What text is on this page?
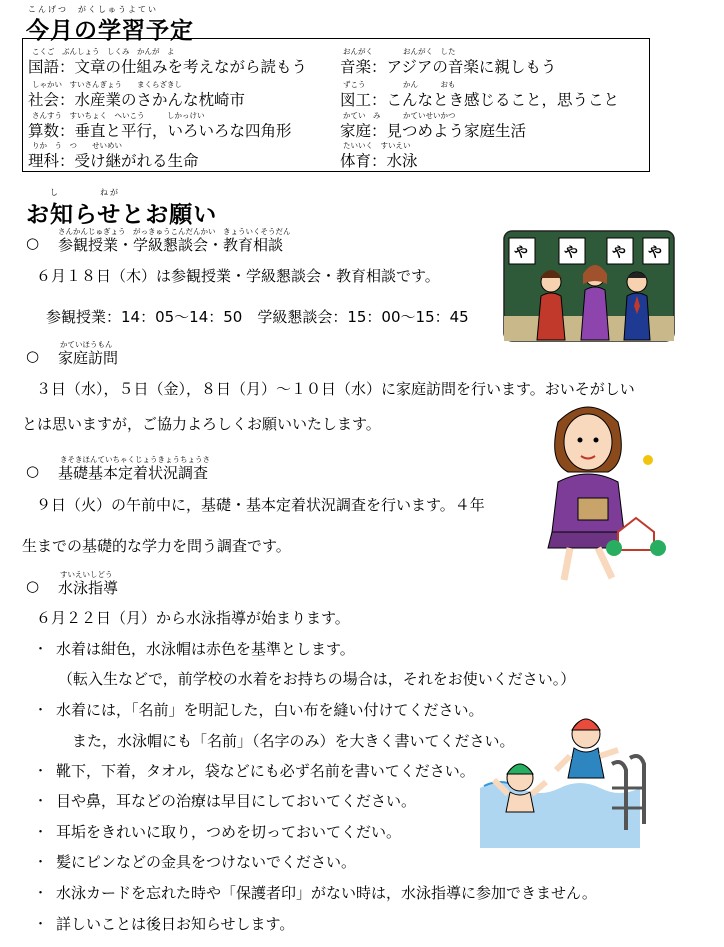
こんげつ　がくしゅうよてい
今月の学習予定
こくご　ぶんしょう　しくみ　かんが　よ
国語：文章の仕組みを考えながら読もう
しゃかい　すいさんぎょう　　まくらざきし
社会：水産業のさかんな枕崎市
さんすう　すいちょく　へいこう　　　しかっけい
算数：垂直と平行，いろいろな四角形
りか　う　つ　　せいめい
理科：受け継がれる生命
おんがく　　　　おんがく　した
音楽：アジアの音楽に親しもう
ずこう　　　　　かん　　　おも
図工：こんなとき感じること，思うこと
かてい　み　　　かていせいかつ
家庭：見つめよう家庭生活
たいいく　すいえい
体育：水泳
し　　　　ねが
お知らせとお願い
○
さんかんじゅぎょう　がっきゅうこんだんかい　きょういくそうだん
参観授業・学級懇談会・教育相談
６月１８日（木）は参観授業・学級懇談会・教育相談です。
参観授業：14：05～14：50　学級懇談会：15：00～15：45
○
かていほうもん
家庭訪問
３日（水），５日（金），８日（月）～１０日（水）に家庭訪問を行います。おいそがしい
とは思いますが，ご協力よろしくお願いいたします。
○
きそきほんていちゃくじょうきょうちょうさ
基礎基本定着状況調査
９日（火）の午前中に，基礎・基本定着状況調査を行います。４年
生までの基礎的な学力を問う調査です。
○
すいえいしどう
水泳指導
６月２２日（月）から水泳指導が始まります。
・ 水着は紺色，水泳帽は赤色を基準とします。
（転入生などで，前学校の水着をお持ちの場合は，それをお使いください。）
・ 水着には，「名前」を明記した，白い布を縫い付けてください。
また，水泳帽にも「名前」（名字のみ）を大きく書いてください。
・ 靴下，下着，タオル，袋などにも必ず名前を書いてください。
・ 目や鼻，耳などの治療は早目にしておいてください。
・ 耳垢をきれいに取り，つめを切っておいてくだい。
・ 髪にピンなどの金具をつけないでください。
・ 水泳カードを忘れた時や「保護者印」がない時は，水泳指導に参加できません。
・ 詳しいことは後日お知らせします。
や	や や や
